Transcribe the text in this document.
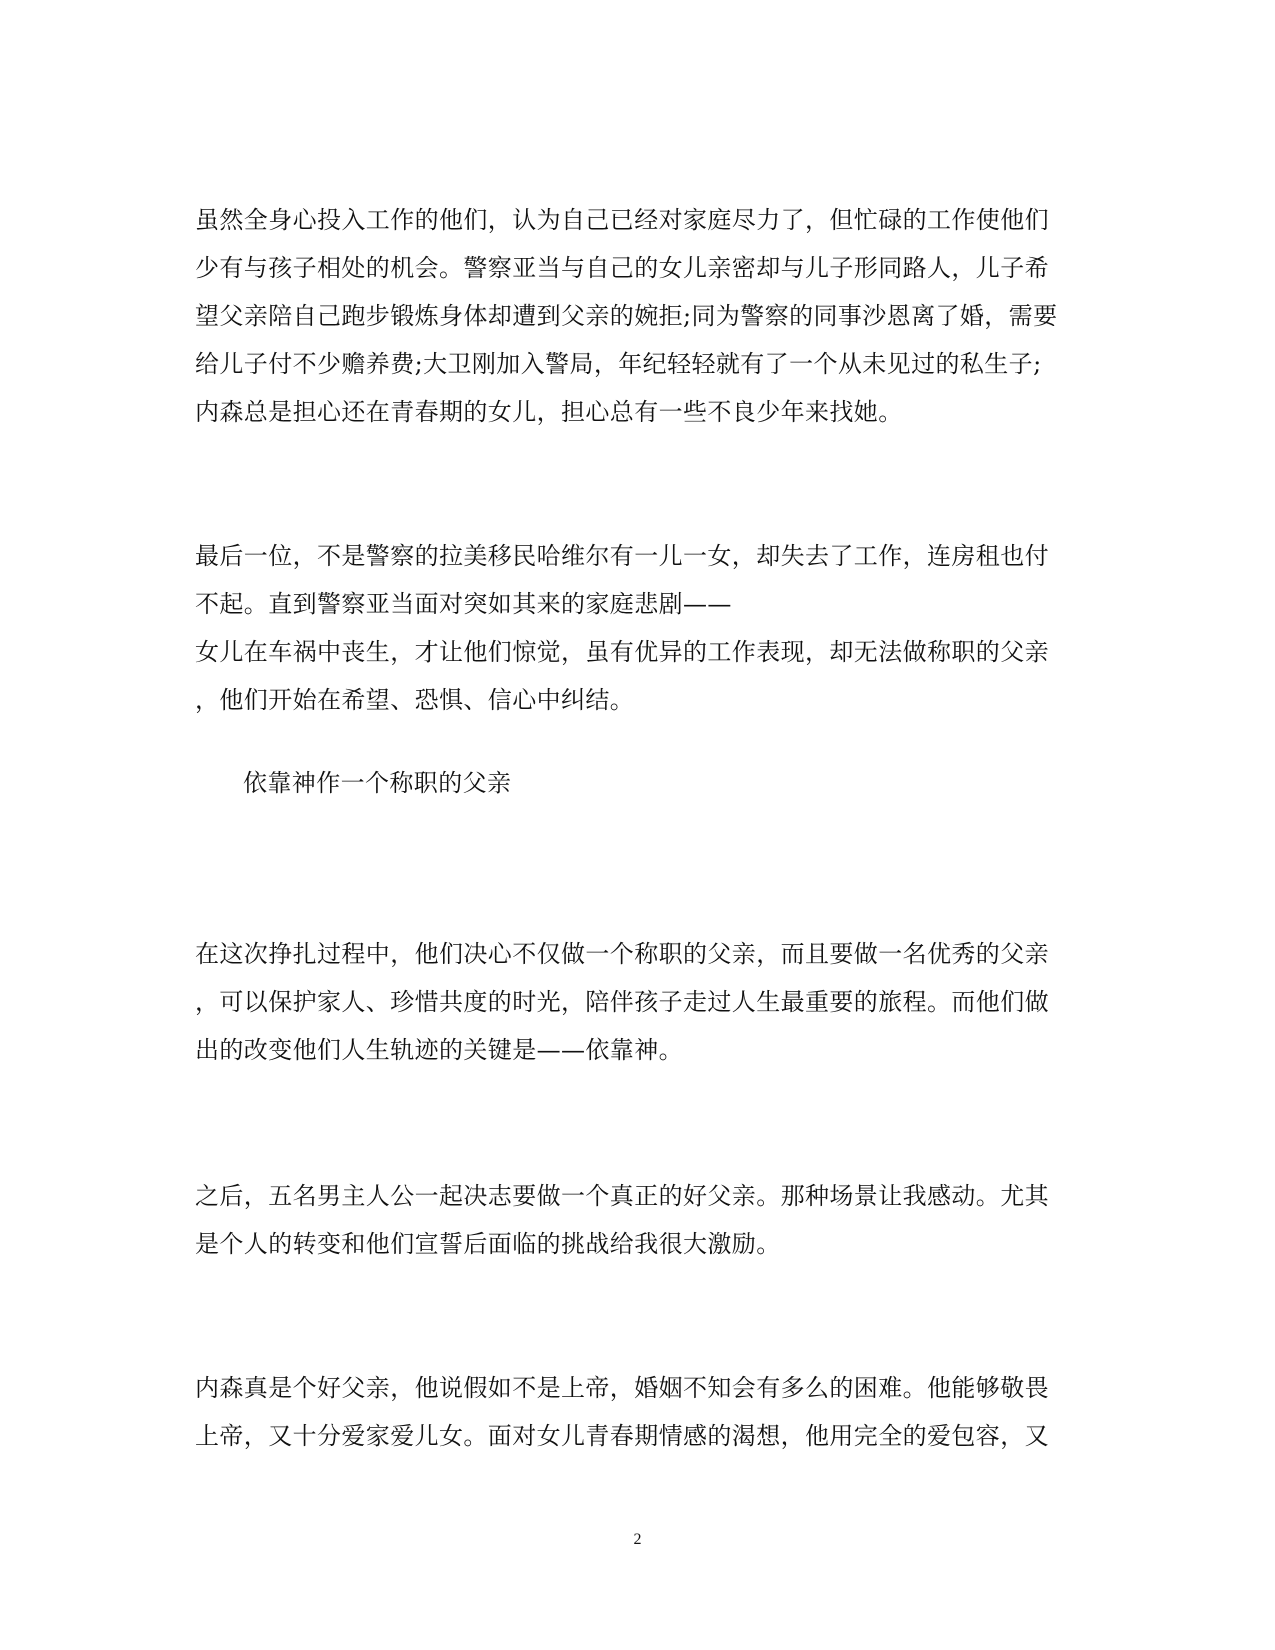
虽然全身心投入工作的他们，认为自己已经对家庭尽力了，但忙碌的工作使他们
少有与孩子相处的机会。警察亚当与自己的女儿亲密却与儿子形同路人，儿子希
望父亲陪自己跑步锻炼身体却遭到父亲的婉拒;同为警察的同事沙恩离了婚，需要
给儿子付不少赡养费;大卫刚加入警局，年纪轻轻就有了一个从未见过的私生子;
内森总是担心还在青春期的女儿，担心总有一些不良少年来找她。
最后一位，不是警察的拉美移民哈维尔有一儿一女，却失去了工作，连房租也付
不起。直到警察亚当面对突如其来的家庭悲剧——
女儿在车祸中丧生，才让他们惊觉，虽有优异的工作表现，却无法做称职的父亲
，他们开始在希望、恐惧、信心中纠结。
依靠神作一个称职的父亲
在这次挣扎过程中，他们决心不仅做一个称职的父亲，而且要做一名优秀的父亲
，可以保护家人、珍惜共度的时光，陪伴孩子走过人生最重要的旅程。而他们做
出的改变他们人生轨迹的关键是——依靠神。
之后，五名男主人公一起决志要做一个真正的好父亲。那种场景让我感动。尤其
是个人的转变和他们宣誓后面临的挑战给我很大激励。
内森真是个好父亲，他说假如不是上帝，婚姻不知会有多么的困难。他能够敬畏
上帝，又十分爱家爱儿女。面对女儿青春期情感的渴想，他用完全的爱包容，又
2
